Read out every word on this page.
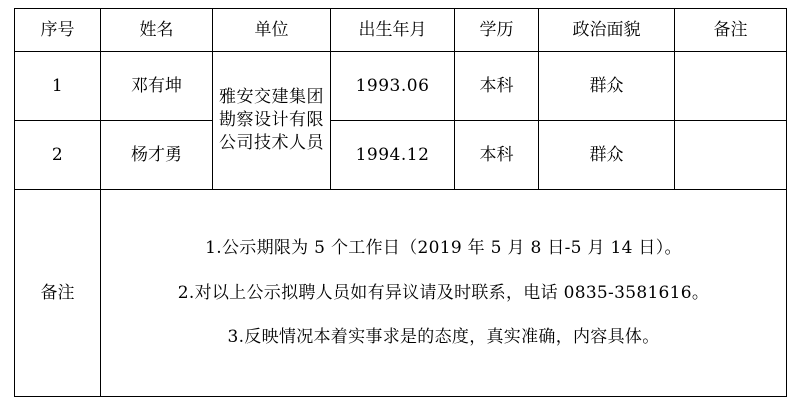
序号	姓名	单位	出生年月	学历	政治面貌	备注
1	邓有坤	雅安交建集团勘察设计有限公司技术人员	1993.06	本科	群众	
2	杨才勇		1994.12	本科	群众	
备注	1.公示期限为 5 个工作日（2019 年 5 月 8 日-5 月 14 日）。

2.对以上公示拟聘人员如有异议请及时联系，电话 0835-3581616。

3.反映情况本着实事求是的态度，真实准确，内容具体。					
